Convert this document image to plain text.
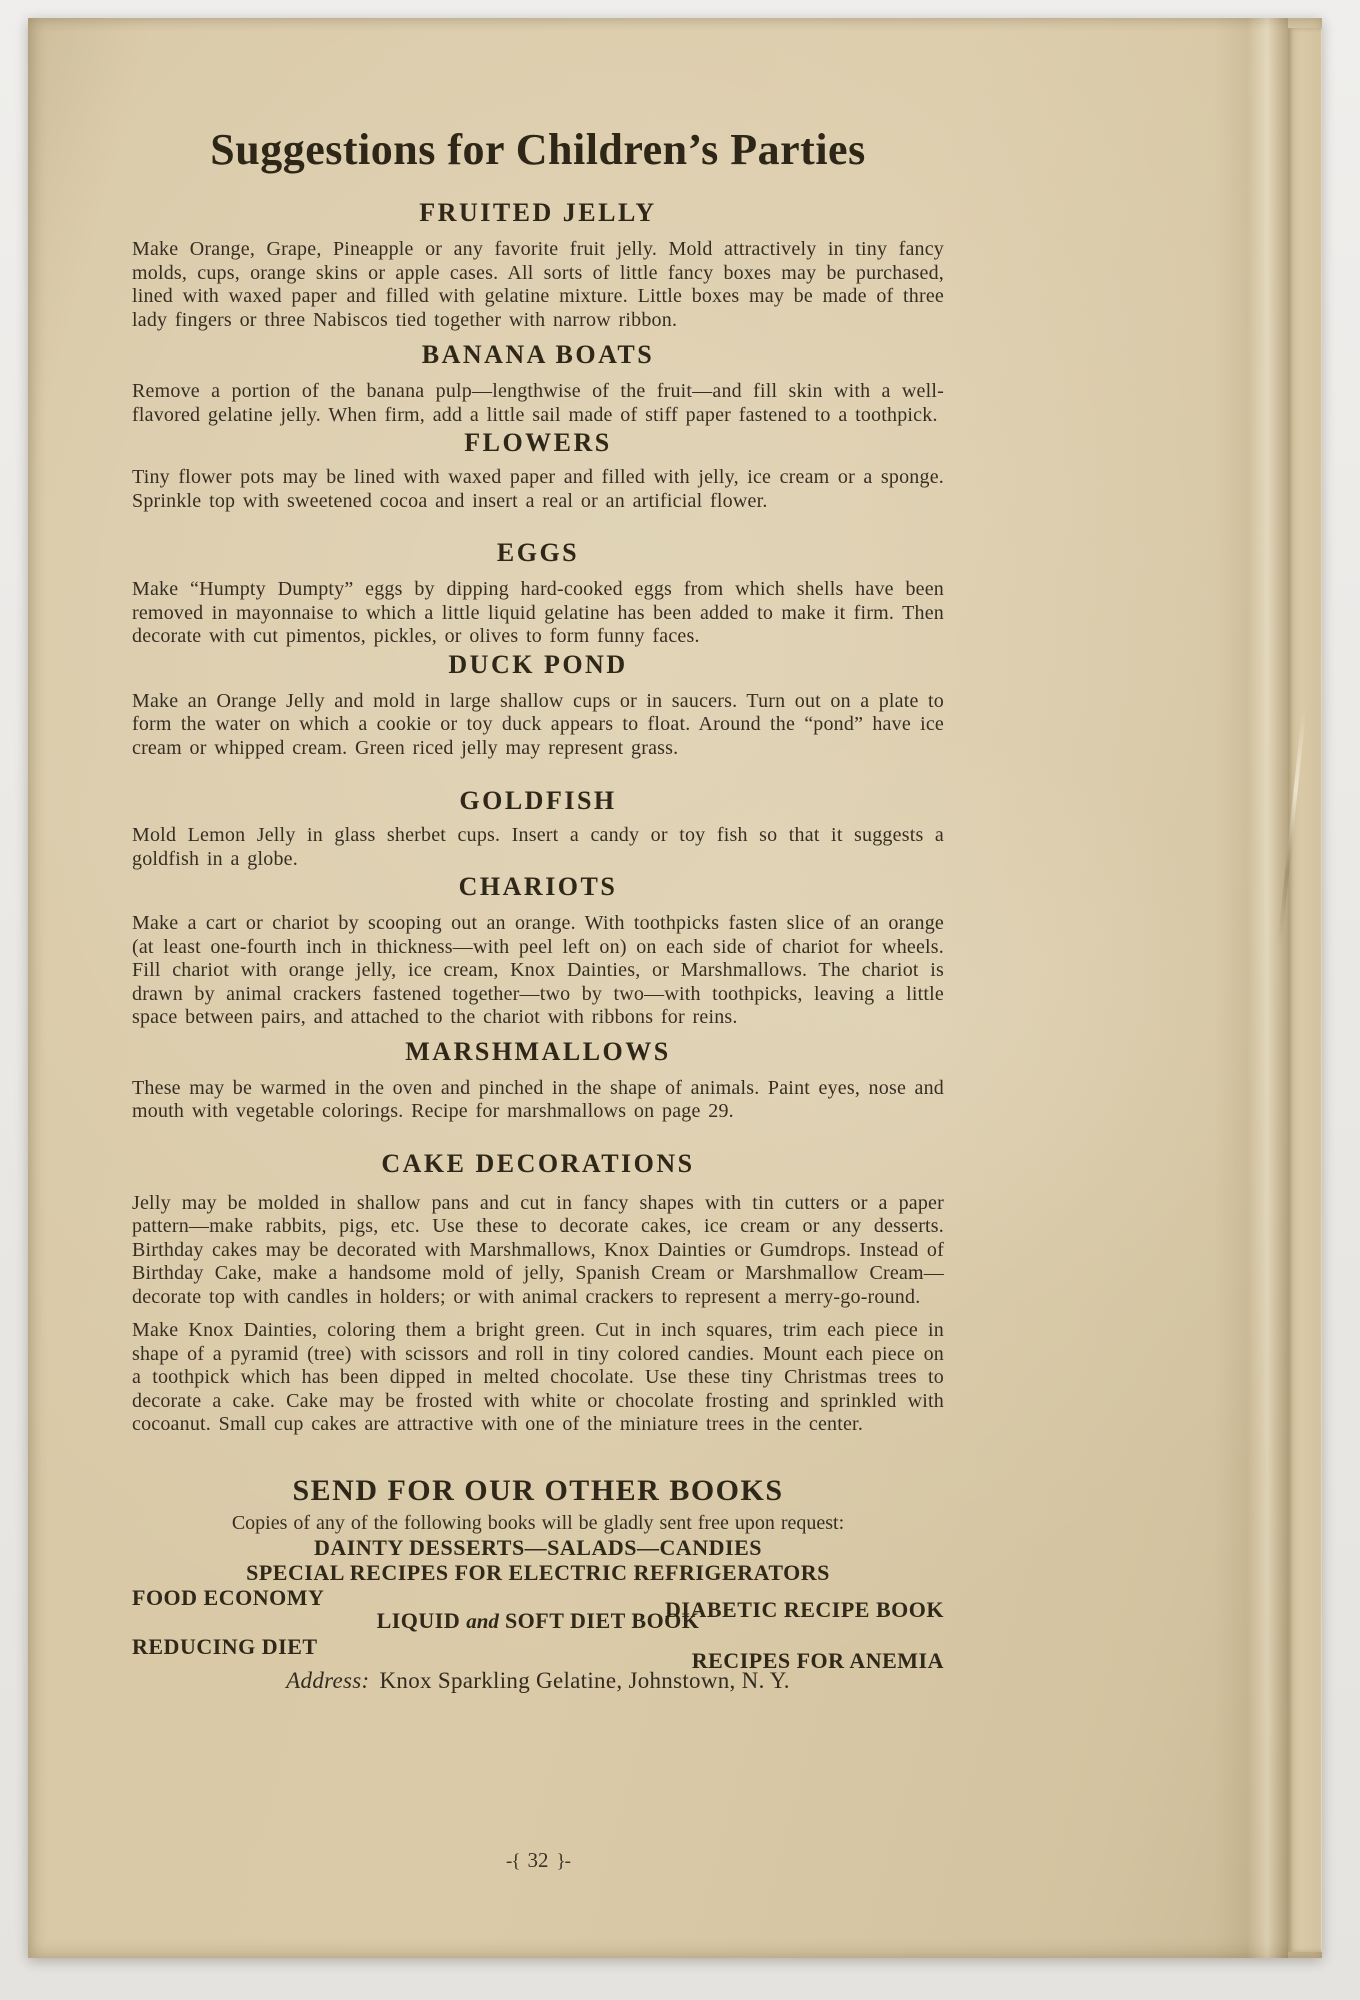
Suggestions for Children’s Parties
FRUITED JELLY

Make Orange, Grape, Pineapple or any favorite fruit jelly. Mold attractively in tiny fancy molds, cups, orange skins or apple cases. All sorts of little fancy boxes may be purchased, lined with waxed paper and filled with gelatine mixture. Little boxes may be made of three lady fingers or three Nabiscos tied together with narrow ribbon.

BANANA BOATS

Remove a portion of the banana pulp—lengthwise of the fruit—and fill skin with a well-flavored gelatine jelly. When firm, add a little sail made of stiff paper fastened to a toothpick.

FLOWERS

Tiny flower pots may be lined with waxed paper and filled with jelly, ice cream or a sponge. Sprinkle top with sweetened cocoa and insert a real or an artificial flower.

EGGS

Make “Humpty Dumpty” eggs by dipping hard-cooked eggs from which shells have been removed in mayonnaise to which a little liquid gelatine has been added to make it firm. Then decorate with cut pimentos, pickles, or olives to form funny faces.

DUCK POND

Make an Orange Jelly and mold in large shallow cups or in saucers. Turn out on a plate to form the water on which a cookie or toy duck appears to float. Around the “pond” have ice cream or whipped cream. Green riced jelly may represent grass.

GOLDFISH

Mold Lemon Jelly in glass sherbet cups. Insert a candy or toy fish so that it suggests a goldfish in a globe.

CHARIOTS

Make a cart or chariot by scooping out an orange. With toothpicks fasten slice of an orange (at least one-fourth inch in thickness—with peel left on) on each side of chariot for wheels. Fill chariot with orange jelly, ice cream, Knox Dainties, or Marshmallows. The chariot is drawn by animal crackers fastened together—two by two—with toothpicks, leaving a little space between pairs, and attached to the chariot with ribbons for reins.

MARSHMALLOWS

These may be warmed in the oven and pinched in the shape of animals. Paint eyes, nose and mouth with vegetable colorings. Recipe for marshmallows on page 29.

CAKE DECORATIONS

Jelly may be molded in shallow pans and cut in fancy shapes with tin cutters or a paper pattern—make rabbits, pigs, etc. Use these to decorate cakes, ice cream or any desserts. Birthday cakes may be decorated with Marshmallows, Knox Dainties or Gumdrops. Instead of Birthday Cake, make a handsome mold of jelly, Spanish Cream or Marshmallow Cream—decorate top with candles in holders; or with animal crackers to represent a merry-go-round.

Make Knox Dainties, coloring them a bright green. Cut in inch squares, trim each piece in shape of a pyramid (tree) with scissors and roll in tiny colored candies. Mount each piece on a toothpick which has been dipped in melted chocolate. Use these tiny Christmas trees to decorate a cake. Cake may be frosted with white or chocolate frosting and sprinkled with cocoanut. Small cup cakes are attractive with one of the miniature trees in the center.

SEND FOR OUR OTHER BOOKS

Copies of any of the following books will be gladly sent free upon request:

DAINTY DESSERTS—SALADS—CANDIES
SPECIAL RECIPES FOR ELECTRIC REFRIGERATORS
FOOD ECONOMY	DIABETIC RECIPE BOOK
LIQUID and SOFT DIET BOOK
REDUCING DIET
RECIPES FOR ANEMIA

Address: Knox Sparkling Gelatine, Johnstown, N. Y.

-{ 32 }-
